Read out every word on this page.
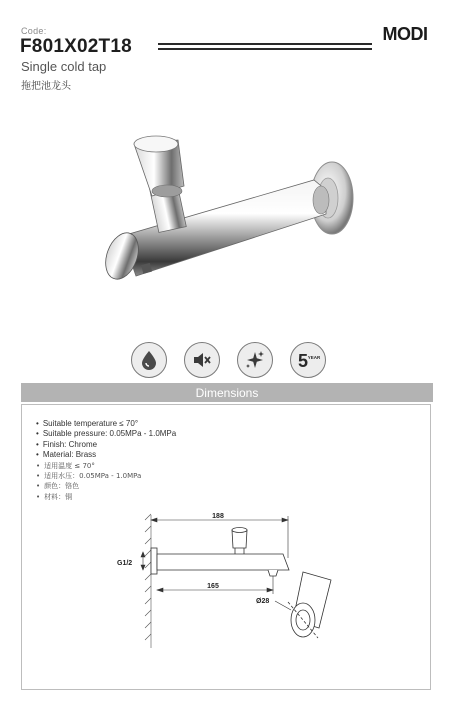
Code:
F801X02T18
MODI
Single cold tap
拖把池龙头
5 YEAR
Dimensions
• Suitable temperature ≤ 70°
• Suitable pressure: 0.05MPa - 1.0MPa
• Finish: Chrome
• Material: Brass
• 适用温度 ≤ 70°
• 适用水压：0.05MPa - 1.0MPa
• 颜色：铬色
• 材料：铜
188
G1/2
165
Ø28
